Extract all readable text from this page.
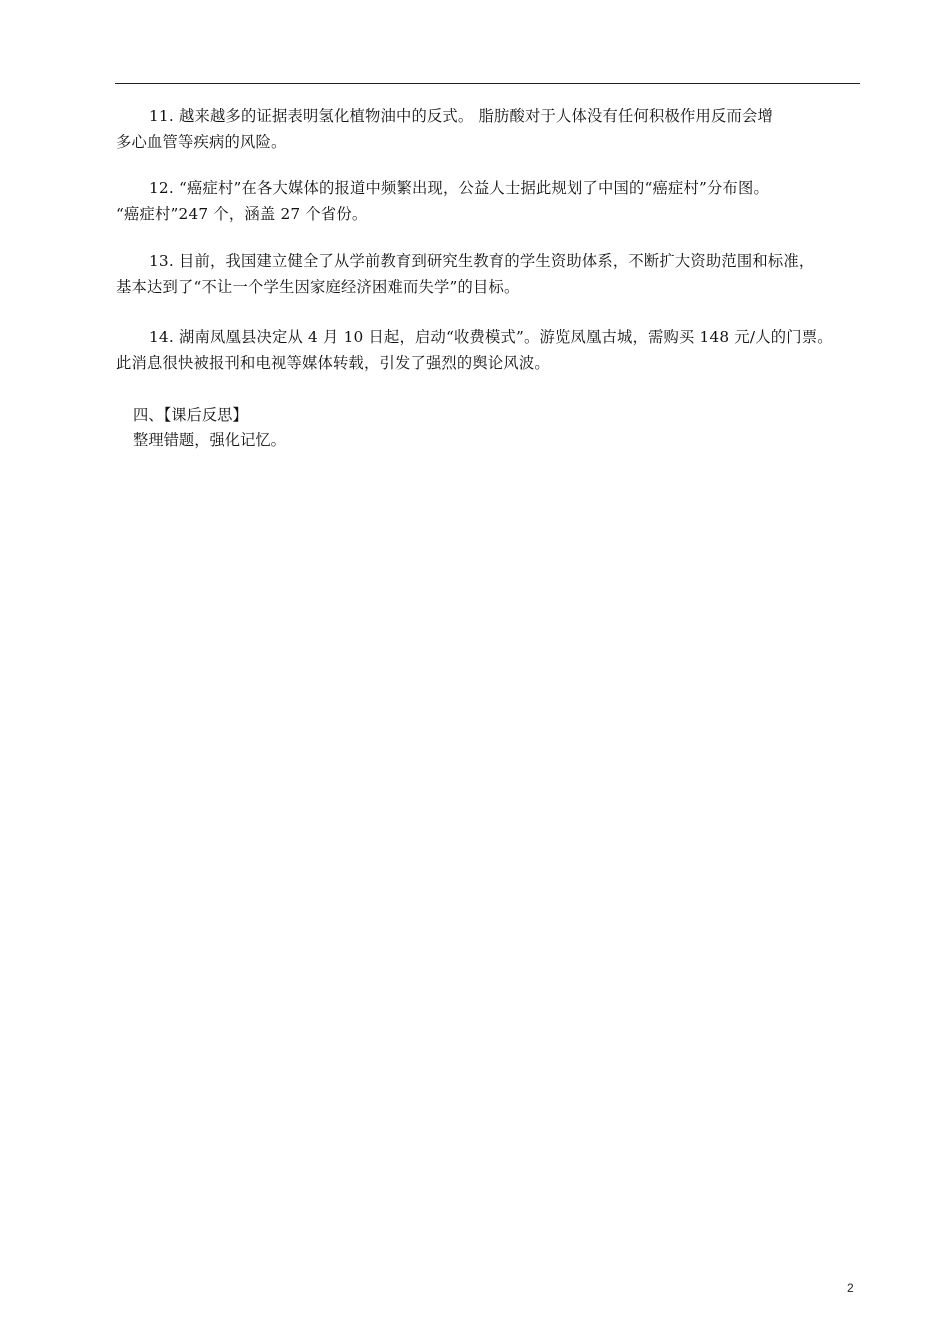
11. 越来越多的证据表明氢化植物油中的反式。 脂肪酸对于人体没有任何积极作用反而会增
多心血管等疾病的风险。
12. “癌症村”在各大媒体的报道中频繁出现，公益人士据此规划了中国的“癌症村”分布图。
“癌症村”247 个，涵盖 27 个省份。
13. 目前，我国建立健全了从学前教育到研究生教育的学生资助体系，不断扩大资助范围和标准，
基本达到了“不让一个学生因家庭经济困难而失学”的目标。
14. 湖南凤凰县决定从 4 月 10 日起，启动“收费模式”。游览凤凰古城，需购买 148 元/人的门票。
此消息很快被报刊和电视等媒体转载，引发了强烈的舆论风波。

四、【课后反思】

整理错题，强化记忆。

2
